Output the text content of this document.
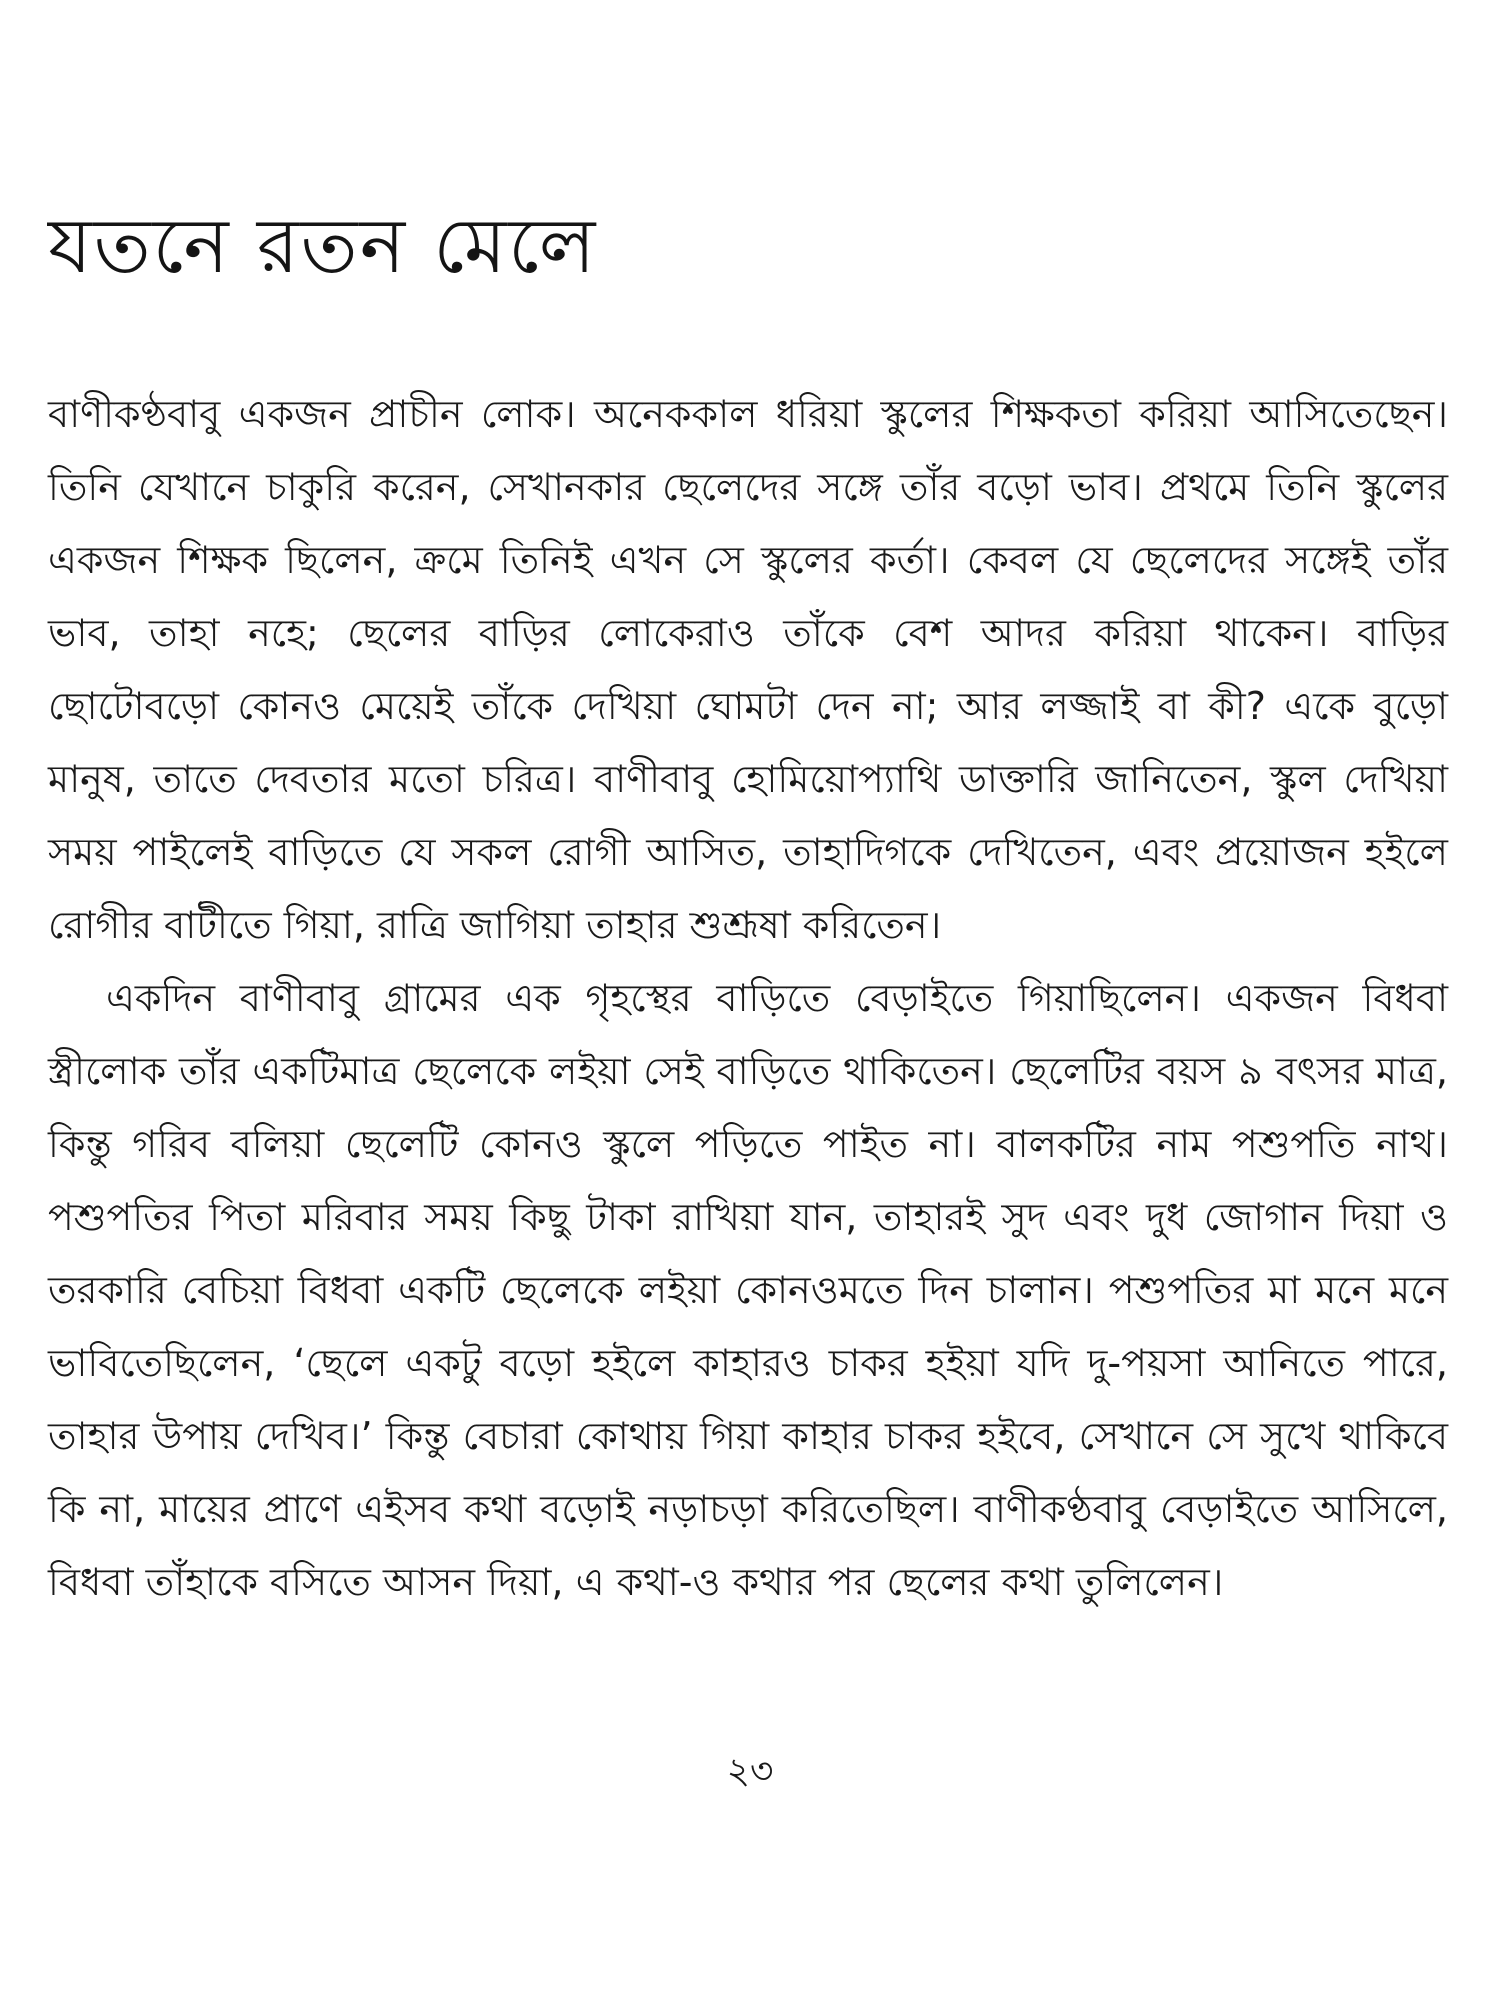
যতনে রতন মেলে

বাণীকণ্ঠবাবু একজন প্রাচীন লোক। অনেককাল ধরিয়া স্কুলের শিক্ষকতা করিয়া আসিতেছেন। তিনি যেখানে চাকুরি করেন, সেখানকার ছেলেদের সঙ্গে তাঁর বড়ো ভাব। প্রথমে তিনি স্কুলের একজন শিক্ষক ছিলেন, ক্রমে তিনিই এখন সে স্কুলের কর্তা। কেবল যে ছেলেদের সঙ্গেই তাঁর ভাব, তাহা নহে; ছেলের বাড়ির লোকেরাও তাঁকে বেশ আদর করিয়া থাকেন। বাড়ির ছোটোবড়ো কোনও মেয়েই তাঁকে দেখিয়া ঘোমটা দেন না; আর লজ্জাই বা কী? একে বুড়ো মানুষ, তাতে দেবতার মতো চরিত্র। বাণীবাবু হোমিয়োপ্যাথি ডাক্তারি জানিতেন, স্কুল দেখিয়া সময় পাইলেই বাড়িতে যে সকল রোগী আসিত, তাহাদিগকে দেখিতেন, এবং প্রয়োজন হইলে রোগীর বাটীতে গিয়া, রাত্রি জাগিয়া তাহার শুশ্রূষা করিতেন।

একদিন বাণীবাবু গ্রামের এক গৃহস্থের বাড়িতে বেড়াইতে গিয়াছিলেন। একজন বিধবা স্ত্রীলোক তাঁর একটিমাত্র ছেলেকে লইয়া সেই বাড়িতে থাকিতেন। ছেলেটির বয়স ৯ বৎসর মাত্র, কিন্তু গরিব বলিয়া ছেলেটি কোনও স্কুলে পড়িতে পাইত না। বালকটির নাম পশুপতি নাথ। পশুপতির পিতা মরিবার সময় কিছু টাকা রাখিয়া যান, তাহারই সুদ এবং দুধ জোগান দিয়া ও তরকারি বেচিয়া বিধবা একটি ছেলেকে লইয়া কোনওমতে দিন চালান। পশুপতির মা মনে মনে ভাবিতেছিলেন, ‘ছেলে একটু বড়ো হইলে কাহারও চাকর হইয়া যদি দু-পয়সা আনিতে পারে, তাহার উপায় দেখিব।’ কিন্তু বেচারা কোথায় গিয়া কাহার চাকর হইবে, সেখানে সে সুখে থাকিবে কি না, মায়ের প্রাণে এইসব কথা বড়োই নড়াচড়া করিতেছিল। বাণীকণ্ঠবাবু বেড়াইতে আসিলে, বিধবা তাঁহাকে বসিতে আসন দিয়া, এ কথা-ও কথার পর ছেলের কথা তুলিলেন।

২৩
